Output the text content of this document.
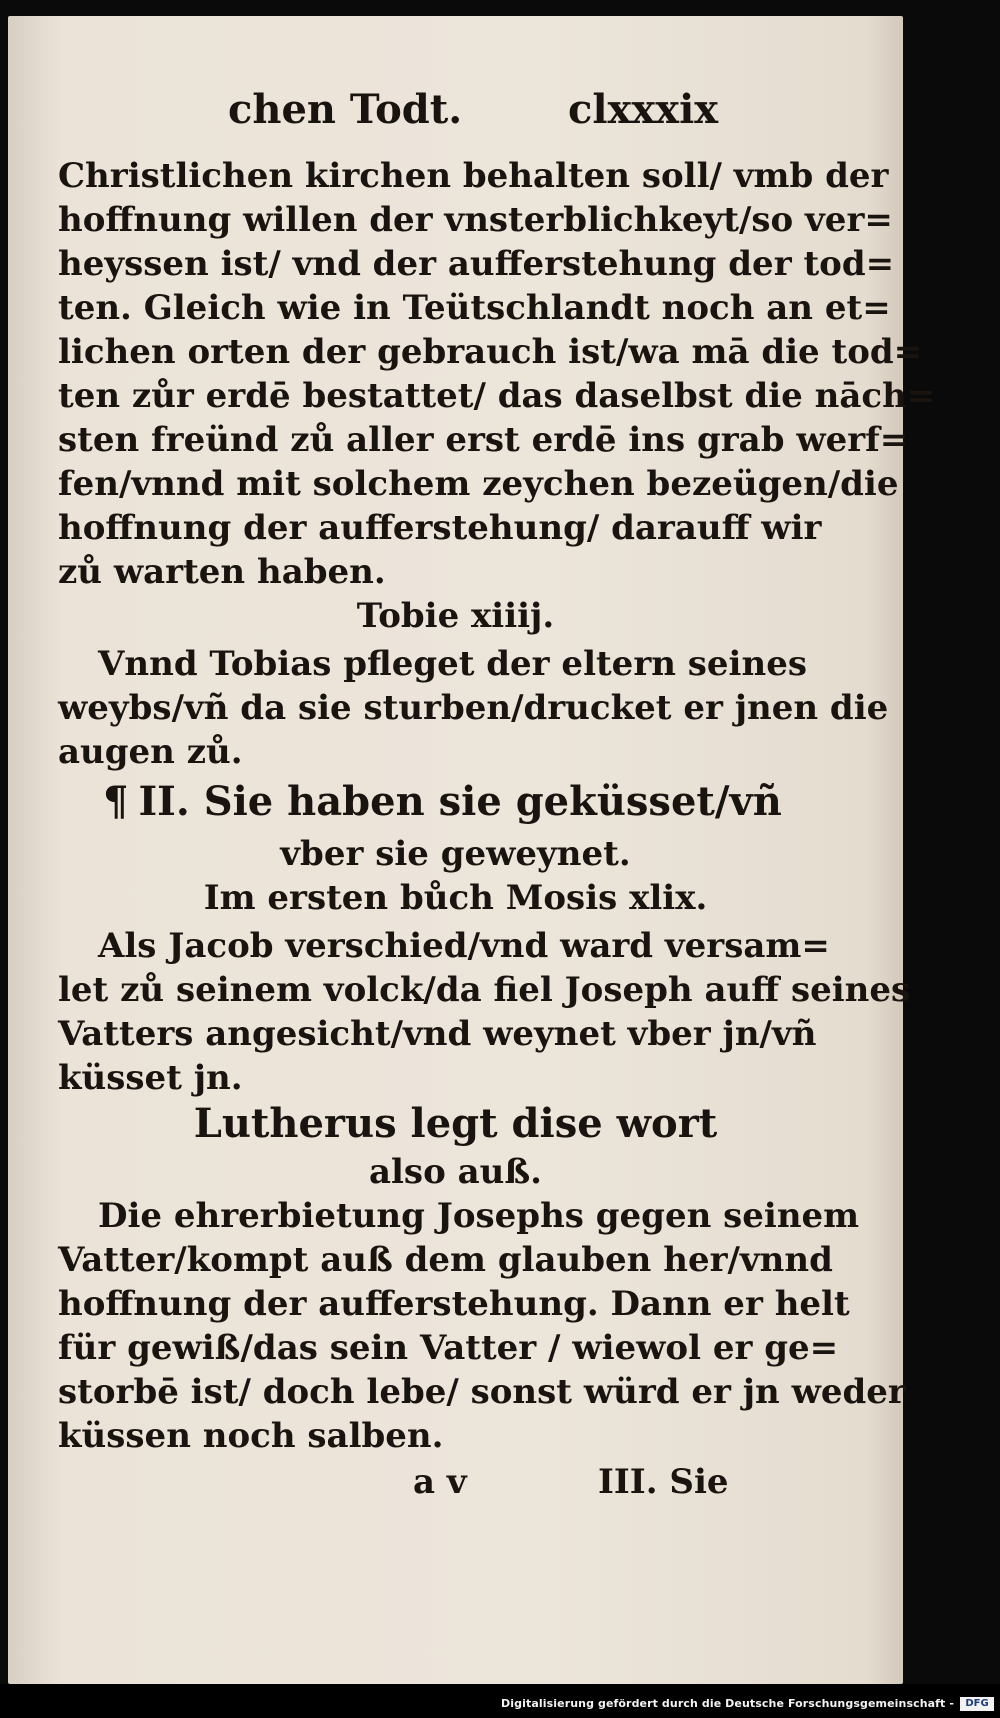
chen Todt.	clxxxix
Christlichen kirchen behalten soll/ vmb der
hoffnung willen der vnsterblichkeyt/so ver=
heyssen ist/ vnd der aufferstehung der tod=
ten. Gleich wie in Teütschlandt noch an et=
lichen orten der gebrauch ist/wa mā die tod=
ten zůr erdē bestattet/ das daselbst die nāch=
sten freünd zů aller erst erdē ins grab werf=
fen/vnnd mit solchem zeychen bezeügen/die
hoffnung der aufferstehung/ darauff wir
zů warten haben.
Tobie xiiij.
Vnnd Tobias pfleget der eltern seines
weybs/vñ da sie sturben/drucket er jnen die
augen zů.
¶ II. Sie haben sie geküsset/vñ
vber sie geweynet.
Im ersten bůch Mosis xlix.
Als Jacob verschied/vnd ward versam=
let zů seinem volck/da fiel Joseph auff seines
Vatters angesicht/vnd weynet vber jn/vñ
küsset jn.
Lutherus legt dise wort
also auß.
Die ehrerbietung Josephs gegen seinem
Vatter/kompt auß dem glauben her/vnnd
hoffnung der aufferstehung. Dann er helt
für gewiß/das sein Vatter / wiewol er ge=
storbē ist/ doch lebe/ sonst würd er jn weder
küssen noch salben.
a v	III. Sie
Digitalisierung gefördert durch die Deutsche Forschungsgemeinschaft -	DFG
